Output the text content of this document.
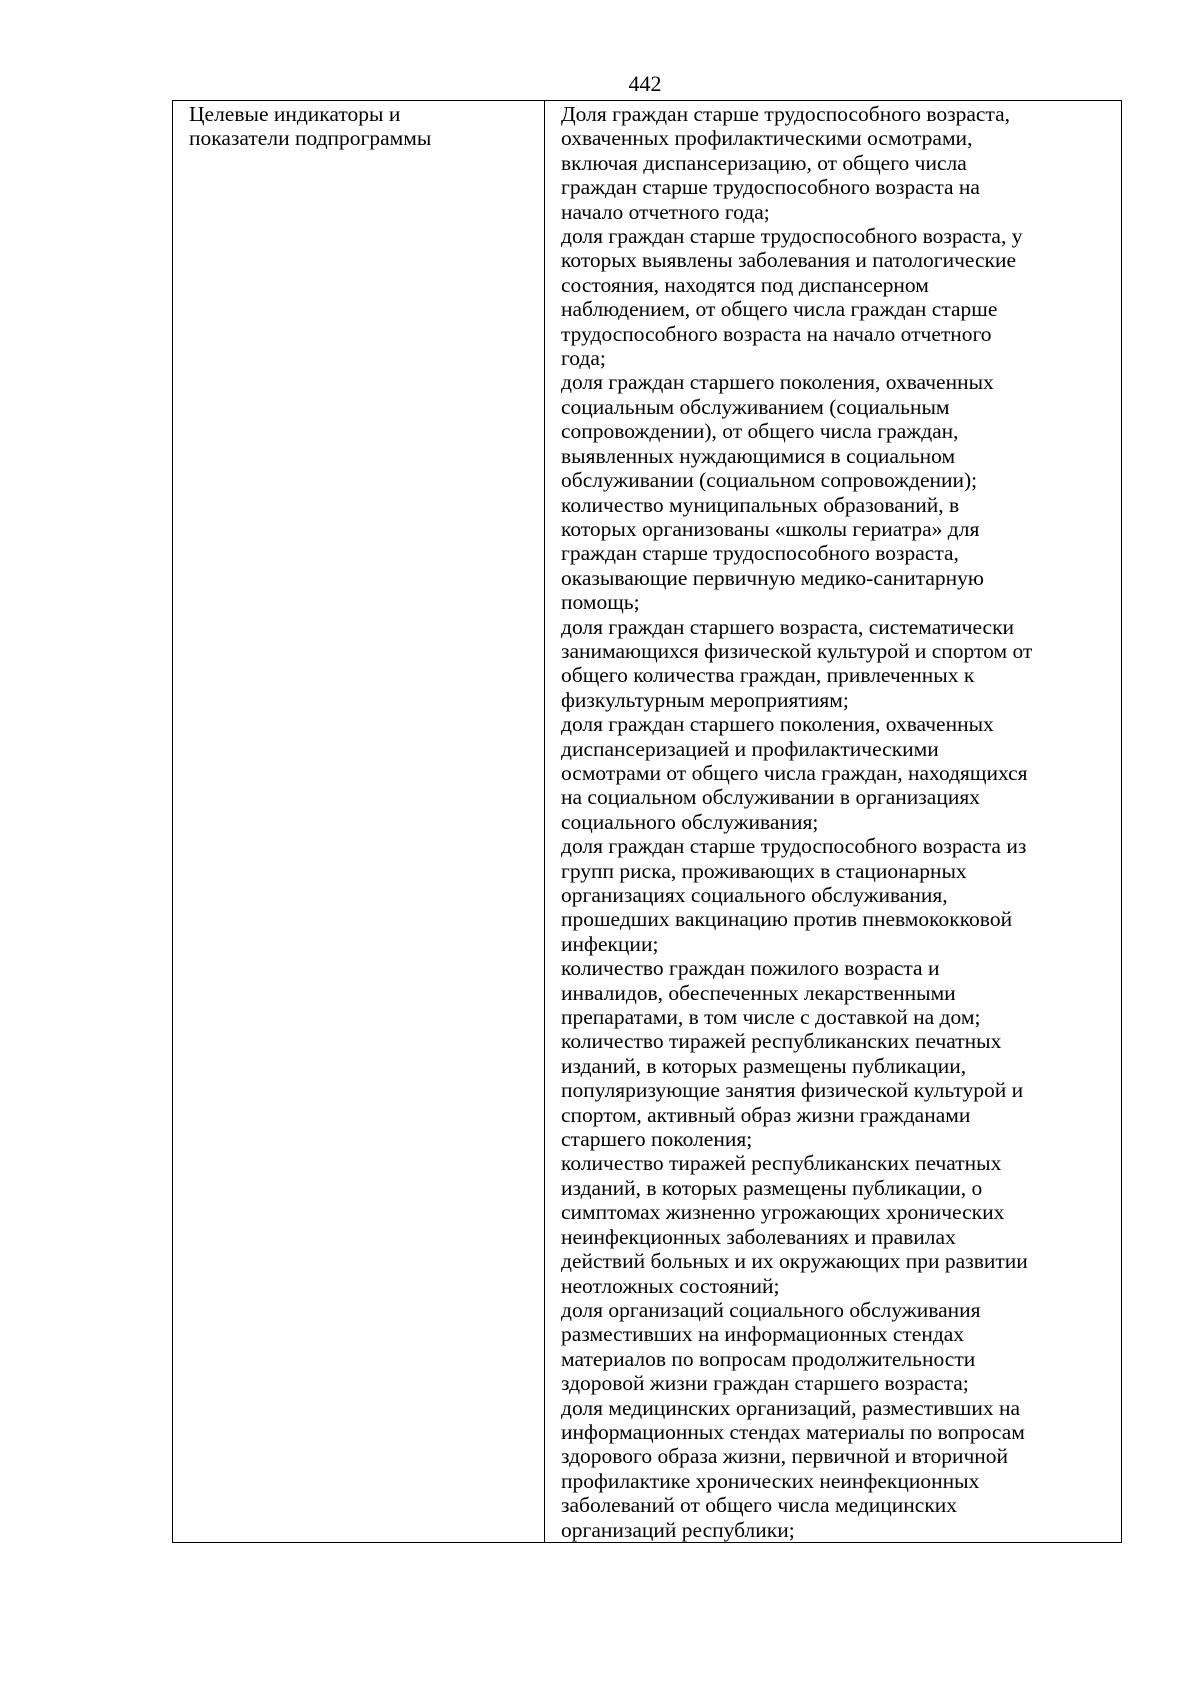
442
Целевые индикаторы и
показатели подпрограммы

Доля граждан старше трудоспособного возраста,
охваченных профилактическими осмотрами,
включая диспансеризацию, от общего числа
граждан старше трудоспособного возраста на
начало отчетного года;
доля граждан старше трудоспособного возраста, у
которых выявлены заболевания и патологические
состояния, находятся под диспансерном
наблюдением, от общего числа граждан старше
трудоспособного возраста на начало отчетного
года;
доля граждан старшего поколения, охваченных
социальным обслуживанием (социальным
сопровождении), от общего числа граждан,
выявленных нуждающимися в социальном
обслуживании (социальном сопровождении);
количество муниципальных образований, в
которых организованы «школы гериатра» для
граждан старше трудоспособного возраста,
оказывающие первичную медико-санитарную
помощь;
доля граждан старшего возраста, систематически
занимающихся физической культурой и спортом от
общего количества граждан, привлеченных к
физкультурным мероприятиям;
доля граждан старшего поколения, охваченных
диспансеризацией и профилактическими
осмотрами от общего числа граждан, находящихся
на социальном обслуживании в организациях
социального обслуживания;
доля граждан старше трудоспособного возраста из
групп риска, проживающих в стационарных
организациях социального обслуживания,
прошедших вакцинацию против пневмококковой
инфекции;
количество граждан пожилого возраста и
инвалидов, обеспеченных лекарственными
препаратами, в том числе с доставкой на дом;
количество тиражей республиканских печатных
изданий, в которых размещены публикации,
популяризующие занятия физической культурой и
спортом, активный образ жизни гражданами
старшего поколения;
количество тиражей республиканских печатных
изданий, в которых размещены публикации, о
симптомах жизненно угрожающих хронических
неинфекционных заболеваниях и правилах
действий больных и их окружающих при развитии
неотложных состояний;
доля организаций социального обслуживания
разместивших на информационных стендах
материалов по вопросам продолжительности
здоровой жизни граждан старшего возраста;
доля медицинских организаций, разместивших на
информационных стендах материалы по вопросам
здорового образа жизни, первичной и вторичной
профилактике хронических неинфекционных
заболеваний от общего числа медицинских
организаций республики;
